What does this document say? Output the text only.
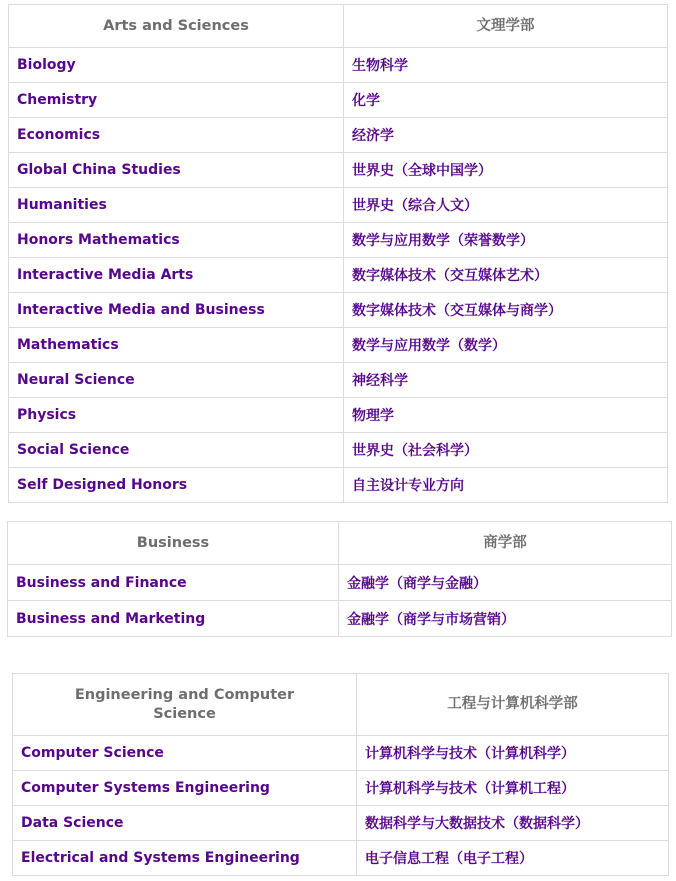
Arts and Sciences	文理学部
Biology	生物科学
Chemistry	化学
Economics	经济学
Global China Studies	世界史（全球中国学）
Humanities	世界史（综合人文）
Honors Mathematics	数学与应用数学（荣誉数学）
Interactive Media Arts	数字媒体技术（交互媒体艺术）
Interactive Media and Business	数字媒体技术（交互媒体与商学）
Mathematics	数学与应用数学（数学）
Neural Science	神经科学
Physics	物理学
Social Science	世界史（社会科学）
Self Designed Honors	自主设计专业方向
Business	商学部
Business and Finance	金融学（商学与金融）
Business and Marketing	金融学（商学与市场营销）
Engineering and Computer Science	工程与计算机科学部
Computer Science	计算机科学与技术（计算机科学）
Computer Systems Engineering	计算机科学与技术（计算机工程）
Data Science	数据科学与大数据技术（数据科学）
Electrical and Systems Engineering	电子信息工程（电子工程）
